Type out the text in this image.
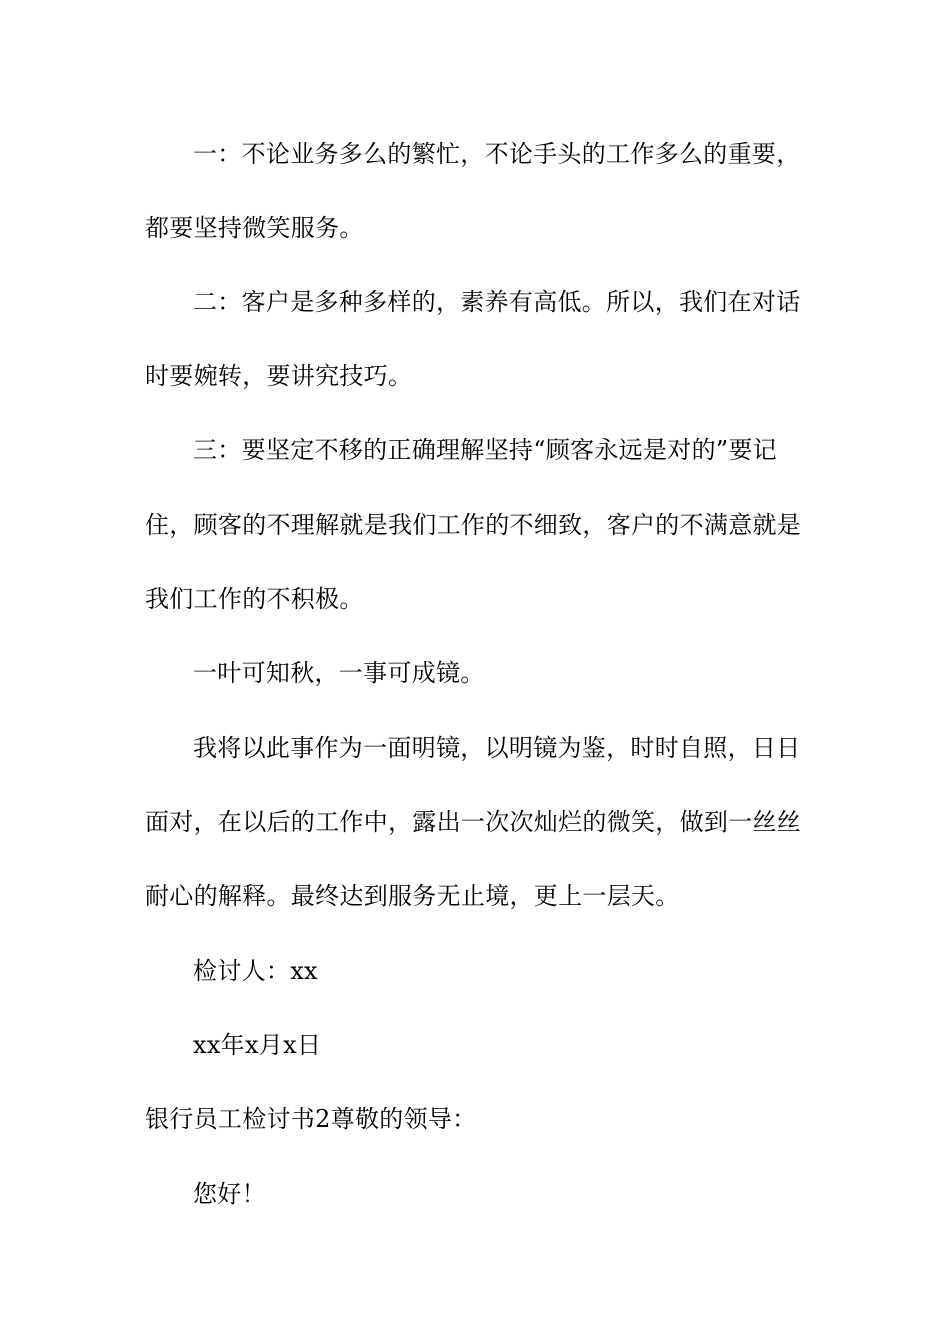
一：不论业务多么的繁忙，不论手头的工作多么的重要，
都要坚持微笑服务。
二：客户是多种多样的，素养有高低。所以，我们在对话
时要婉转，要讲究技巧。
三：要坚定不移的正确理解坚持“顾客永远是对的”要记
住，顾客的不理解就是我们工作的不细致，客户的不满意就是
我们工作的不积极。
一叶可知秋，一事可成镜。
我将以此事作为一面明镜，以明镜为鉴，时时自照，日日
面对，在以后的工作中，露出一次次灿烂的微笑，做到一丝丝
耐心的解释。最终达到服务无止境，更上一层天。
检讨人：xx
xx年x月x日
银行员工检讨书2尊敬的领导：
您好！
